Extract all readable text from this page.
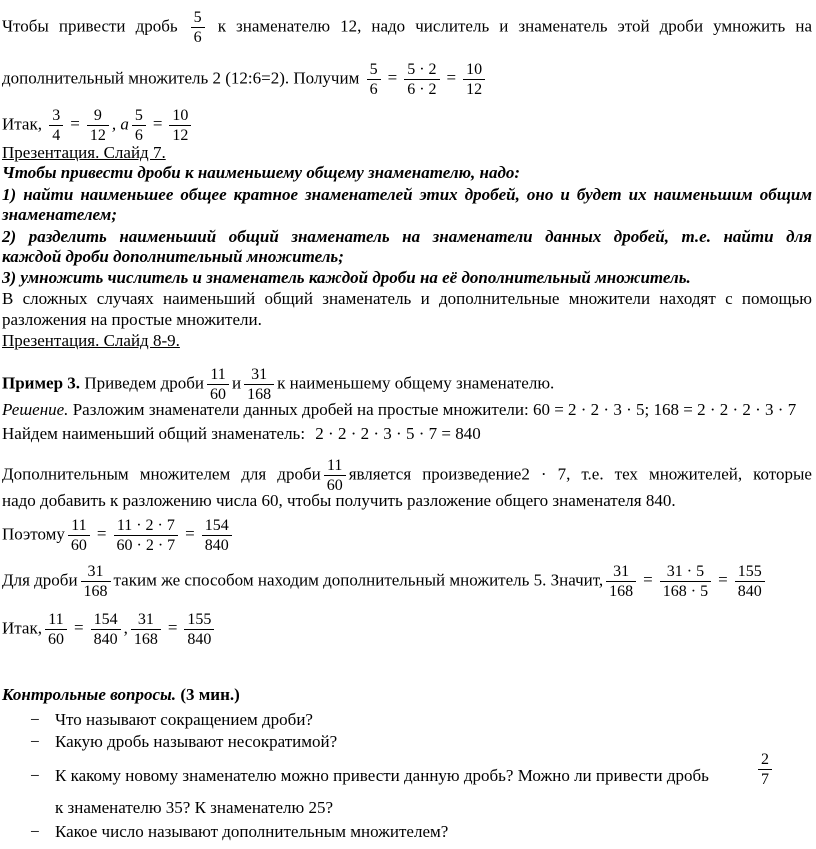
Чтобы привести дробь $\frac{5}{6}$ к знаменателю 12, надо числитель и знаменатель этой дроби умножить на
дополнительный множитель 2 (12:6=2). Получим $\frac{5}{6} = \frac{5 \cdot 2}{6 \cdot 2} = \frac{10}{12}$
Итак, $\frac{3}{4} = \frac{9}{12}$ , а $\frac{5}{6} = \frac{10}{12}$
Презентация. Слайд 7.
Чтобы привести дроби к наименьшему общему знаменателю, надо:
1) найти наименьшее общее кратное знаменателей этих дробей, оно и будет их наименьшим общим
знаменателем;
2) разделить наименьший общий знаменатель на знаменатели данных дробей, т.е. найти для
каждой дроби дополнительный множитель;
3) умножить числитель и знаменатель каждой дроби на её дополнительный множитель.
В сложных случаях наименьший общий знаменатель и дополнительные множители находят с помощью
разложения на простые множители.
Презентация. Слайд 8-9.
Пример 3. Приведем дроби $\frac{11}{60}$ и $\frac{31}{168}$ к наименьшему общему знаменателю.
Решение. Разложим знаменатели данных дробей на простые множители: 60 = 2 · 2 · 3 · 5; 168 = 2 · 2 · 2 · 3 · 7
Найдем наименьший общий знаменатель: 2 · 2 · 2 · 3 · 5 · 7 = 840
Дополнительным множителем для дроби $\frac{11}{60}$ является произведение2 · 7, т.е. тех множителей, которые
надо добавить к разложению числа 60, чтобы получить разложение общего знаменателя 840.
Поэтому $\frac{11}{60} = \frac{11 \cdot 2 \cdot 7}{60 \cdot 2 \cdot 7} = \frac{154}{840}$
Для дроби $\frac{31}{168}$ таким же способом находим дополнительный множитель 5. Значит, $\frac{31}{168} = \frac{31 \cdot 5}{168 \cdot 5} = \frac{155}{840}$
Итак, $\frac{11}{60} = \frac{154}{840}$ , $\frac{31}{168} = \frac{155}{840}$
Контрольные вопросы. (3 мин.)
− Что называют сокращением дроби?
− Какую дробь называют несократимой?
− К какому новому знаменателю можно привести данную дробь? Можно ли привести дробь	$\frac{2}{7}$
к знаменателю 35? К знаменателю 25?
− Какое число называют дополнительным множителем?
